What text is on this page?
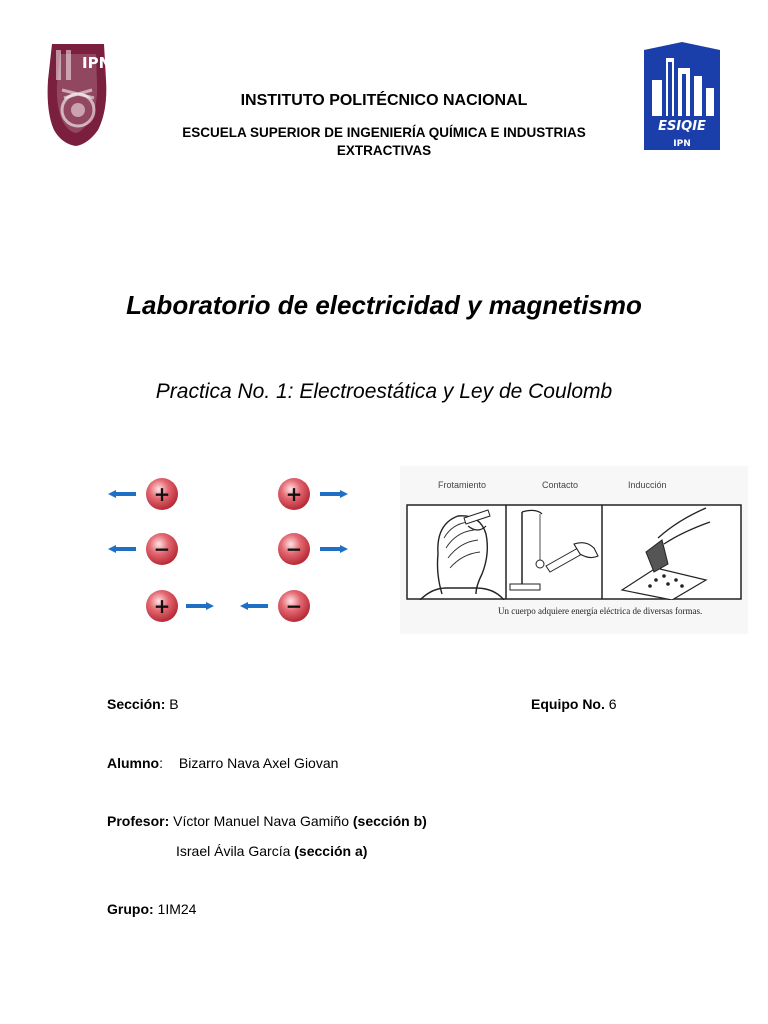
IPN
ESIQIE
IPN
INSTITUTO POLITÉCNICO NACIONAL
ESCUELA SUPERIOR DE INGENIERÍA QUÍMICA E INDUSTRIAS
EXTRACTIVAS
Laboratorio de electricidad y magnetismo
Practica No. 1: Electroestática y Ley de Coulomb
+	+
−	−
+	−
Frotamiento	Contacto	Inducción
Un cuerpo adquiere energía eléctrica de diversas formas.
Sección: B	Equipo No. 6
Alumno: Bizarro Nava Axel Giovan
Profesor: Víctor Manuel Nava Gamiño (sección b)
Israel Ávila García (sección a)
Grupo: 1IM24
